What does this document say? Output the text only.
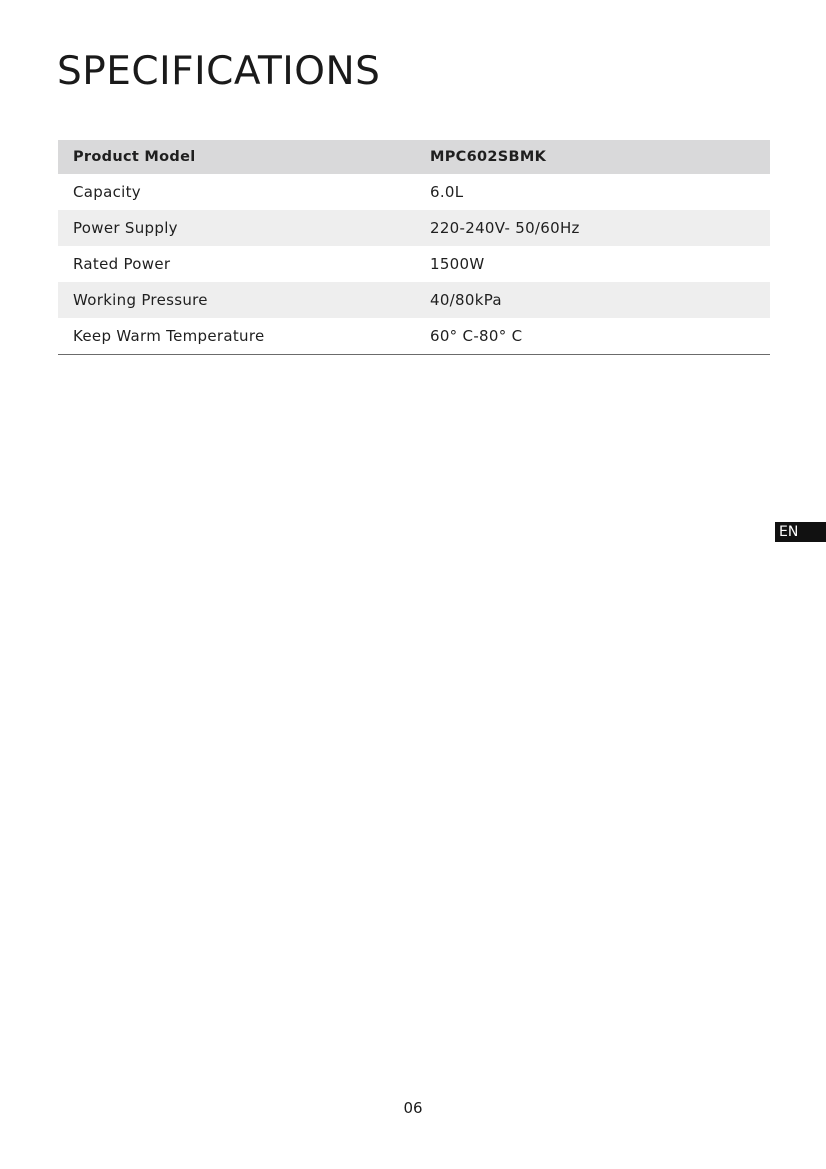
SPECIFICATIONS
Product Model	MPC602SBMK
Capacity	6.0L
Power Supply	220-240V- 50/60Hz
Rated Power	1500W
Working Pressure	40/80kPa
Keep Warm Temperature	60° C-80° C
EN
06
